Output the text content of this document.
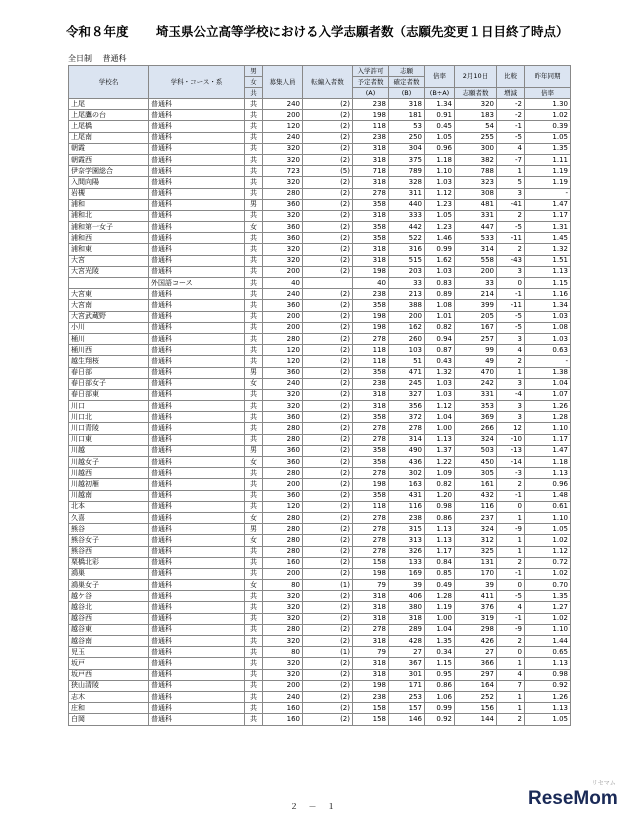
令和８年度 埼玉県公立高等学校における入学志願者数（志願先変更１日目終了時点）
全日制 普通科
学校名	学科・コース・系	男	募集人員	転編入者数	入学許可	志願	倍率	2月10日	比較	昨年同期
		女			予定者数	確定者数				
		共			(A)	(B)	(B÷A)	志願者数	増減	倍率
上尾	普通科	共	240	(2)	238	318	1.34	320	-2	1.30
上尾鷹の台	普通科	共	200	(2)	198	181	0.91	183	-2	1.02
上尾橋	普通科	共	120	(2)	118	53	0.45	54	-1	0.39
上尾南	普通科	共	240	(2)	238	250	1.05	255	-5	1.05
朝霞	普通科	共	320	(2)	318	304	0.96	300	4	1.35
朝霞西	普通科	共	320	(2)	318	375	1.18	382	-7	1.11
伊奈学園総合	普通科	共	723	(5)	718	789	1.10	788	1	1.19
入間向陽	普通科	共	320	(2)	318	328	1.03	323	5	1.19
岩槻	普通科	共	280	(2)	278	311	1.12	308	3	-
浦和	普通科	男	360	(2)	358	440	1.23	481	-41	1.47
浦和北	普通科	共	320	(2)	318	333	1.05	331	2	1.17
浦和第一女子	普通科	女	360	(2)	358	442	1.23	447	-5	1.31
浦和西	普通科	共	360	(2)	358	522	1.46	533	-11	1.45
浦和東	普通科	共	320	(2)	318	316	0.99	314	2	1.32
大宮	普通科	共	320	(2)	318	515	1.62	558	-43	1.51
大宮光陵	普通科	共	200	(2)	198	203	1.03	200	3	1.13
	外国語コース	共	40		40	33	0.83	33	0	1.15
大宮東	普通科	共	240	(2)	238	213	0.89	214	-1	1.16
大宮南	普通科	共	360	(2)	358	388	1.08	399	-11	1.34
大宮武蔵野	普通科	共	200	(2)	198	200	1.01	205	-5	1.03
小川	普通科	共	200	(2)	198	162	0.82	167	-5	1.08
桶川	普通科	共	280	(2)	278	260	0.94	257	3	1.03
桶川西	普通科	共	120	(2)	118	103	0.87	99	4	0.63
越生翔桜	普通科	共	120	(2)	118	51	0.43	49	2	-
春日部	普通科	男	360	(2)	358	471	1.32	470	1	1.38
春日部女子	普通科	女	240	(2)	238	245	1.03	242	3	1.04
春日部東	普通科	共	320	(2)	318	327	1.03	331	-4	1.07
川口	普通科	共	320	(2)	318	356	1.12	353	3	1.26
川口北	普通科	共	360	(2)	358	372	1.04	369	3	1.28
川口青陵	普通科	共	280	(2)	278	278	1.00	266	12	1.10
川口東	普通科	共	280	(2)	278	314	1.13	324	-10	1.17
川越	普通科	男	360	(2)	358	490	1.37	503	-13	1.47
川越女子	普通科	女	360	(2)	358	436	1.22	450	-14	1.18
川越西	普通科	共	280	(2)	278	302	1.09	305	-3	1.13
川越初雁	普通科	共	200	(2)	198	163	0.82	161	2	0.96
川越南	普通科	共	360	(2)	358	431	1.20	432	-1	1.48
北本	普通科	共	120	(2)	118	116	0.98	116	0	0.61
久喜	普通科	女	280	(2)	278	238	0.86	237	1	1.10
熊谷	普通科	男	280	(2)	278	315	1.13	324	-9	1.05
熊谷女子	普通科	女	280	(2)	278	313	1.13	312	1	1.02
熊谷西	普通科	共	280	(2)	278	326	1.17	325	1	1.12
栗橋北彩	普通科	共	160	(2)	158	133	0.84	131	2	0.72
鴻巣	普通科	共	200	(2)	198	169	0.85	170	-1	1.02
鴻巣女子	普通科	女	80	(1)	79	39	0.49	39	0	0.70
越ケ谷	普通科	共	320	(2)	318	406	1.28	411	-5	1.35
越谷北	普通科	共	320	(2)	318	380	1.19	376	4	1.27
越谷西	普通科	共	320	(2)	318	318	1.00	319	-1	1.02
越谷東	普通科	共	280	(2)	278	289	1.04	298	-9	1.10
越谷南	普通科	共	320	(2)	318	428	1.35	426	2	1.44
児玉	普通科	共	80	(1)	79	27	0.34	27	0	0.65
坂戸	普通科	共	320	(2)	318	367	1.15	366	1	1.13
坂戸西	普通科	共	320	(2)	318	301	0.95	297	4	0.98
狭山清陵	普通科	共	200	(2)	198	171	0.86	164	7	0.92
志木	普通科	共	240	(2)	238	253	1.06	252	1	1.26
庄和	普通科	共	160	(2)	158	157	0.99	156	1	1.13
白岡	普通科	共	160	(2)	158	146	0.92	144	2	1.05
２ － １	ReseMom
リセマム
